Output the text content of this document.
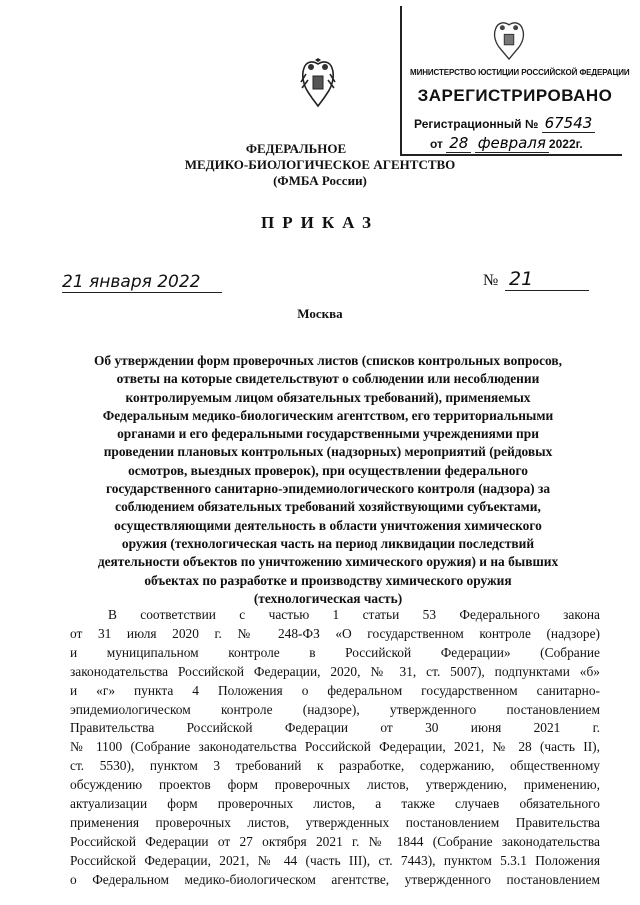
МИНИСТЕРСТВО ЮСТИЦИИ РОССИЙСКОЙ ФЕДЕРАЦИИ
ЗАРЕГИСТРИРОВАНО
Регистрационный № 67543
от 28 февраля 2022г.
ФЕДЕРАЛЬНОЕ
МЕДИКО-БИОЛОГИЧЕСКОЕ АГЕНТСТВО
(ФМБА России)
ПРИКАЗ
21 января 2022	№ 21
Москва
Об утверждении форм проверочных листов (списков контрольных вопросов,
ответы на которые свидетельствуют о соблюдении или несоблюдении
контролируемым лицом обязательных требований), применяемых
Федеральным медико-биологическим агентством, его территориальными
органами и его федеральными государственными учреждениями при
проведении плановых контрольных (надзорных) мероприятий (рейдовых
осмотров, выездных проверок), при осуществлении федерального
государственного санитарно-эпидемиологического контроля (надзора) за
соблюдением обязательных требований хозяйствующими субъектами,
осуществляющими деятельность в области уничтожения химического
оружия (технологическая часть на период ликвидации последствий
деятельности объектов по уничтожению химического оружия) и на бывших
объектах по разработке и производству химического оружия
(технологическая часть)
В соответствии с частью 1 статьи 53 Федерального закона
от 31 июля 2020 г. № 248-ФЗ «О государственном контроле (надзоре)
и муниципальном контроле в Российской Федерации» (Собрание
законодательства Российской Федерации, 2020, № 31, ст. 5007), подпунктами «б»
и «г» пункта 4 Положения о федеральном государственном санитарно-
эпидемиологическом контроле (надзоре), утвержденного постановлением
Правительства Российской Федерации от 30 июня 2021 г.
№ 1100 (Собрание законодательства Российской Федерации, 2021, № 28 (часть II),
ст. 5530), пунктом 3 требований к разработке, содержанию, общественному
обсуждению проектов форм проверочных листов, утверждению, применению,
актуализации форм проверочных листов, а также случаев обязательного
применения проверочных листов, утвержденных постановлением Правительства
Российской Федерации от 27 октября 2021 г. № 1844 (Собрание законодательства
Российской Федерации, 2021, № 44 (часть III), ст. 7443), пунктом 5.3.1 Положения
о Федеральном медико-биологическом агентстве, утвержденного постановлением
